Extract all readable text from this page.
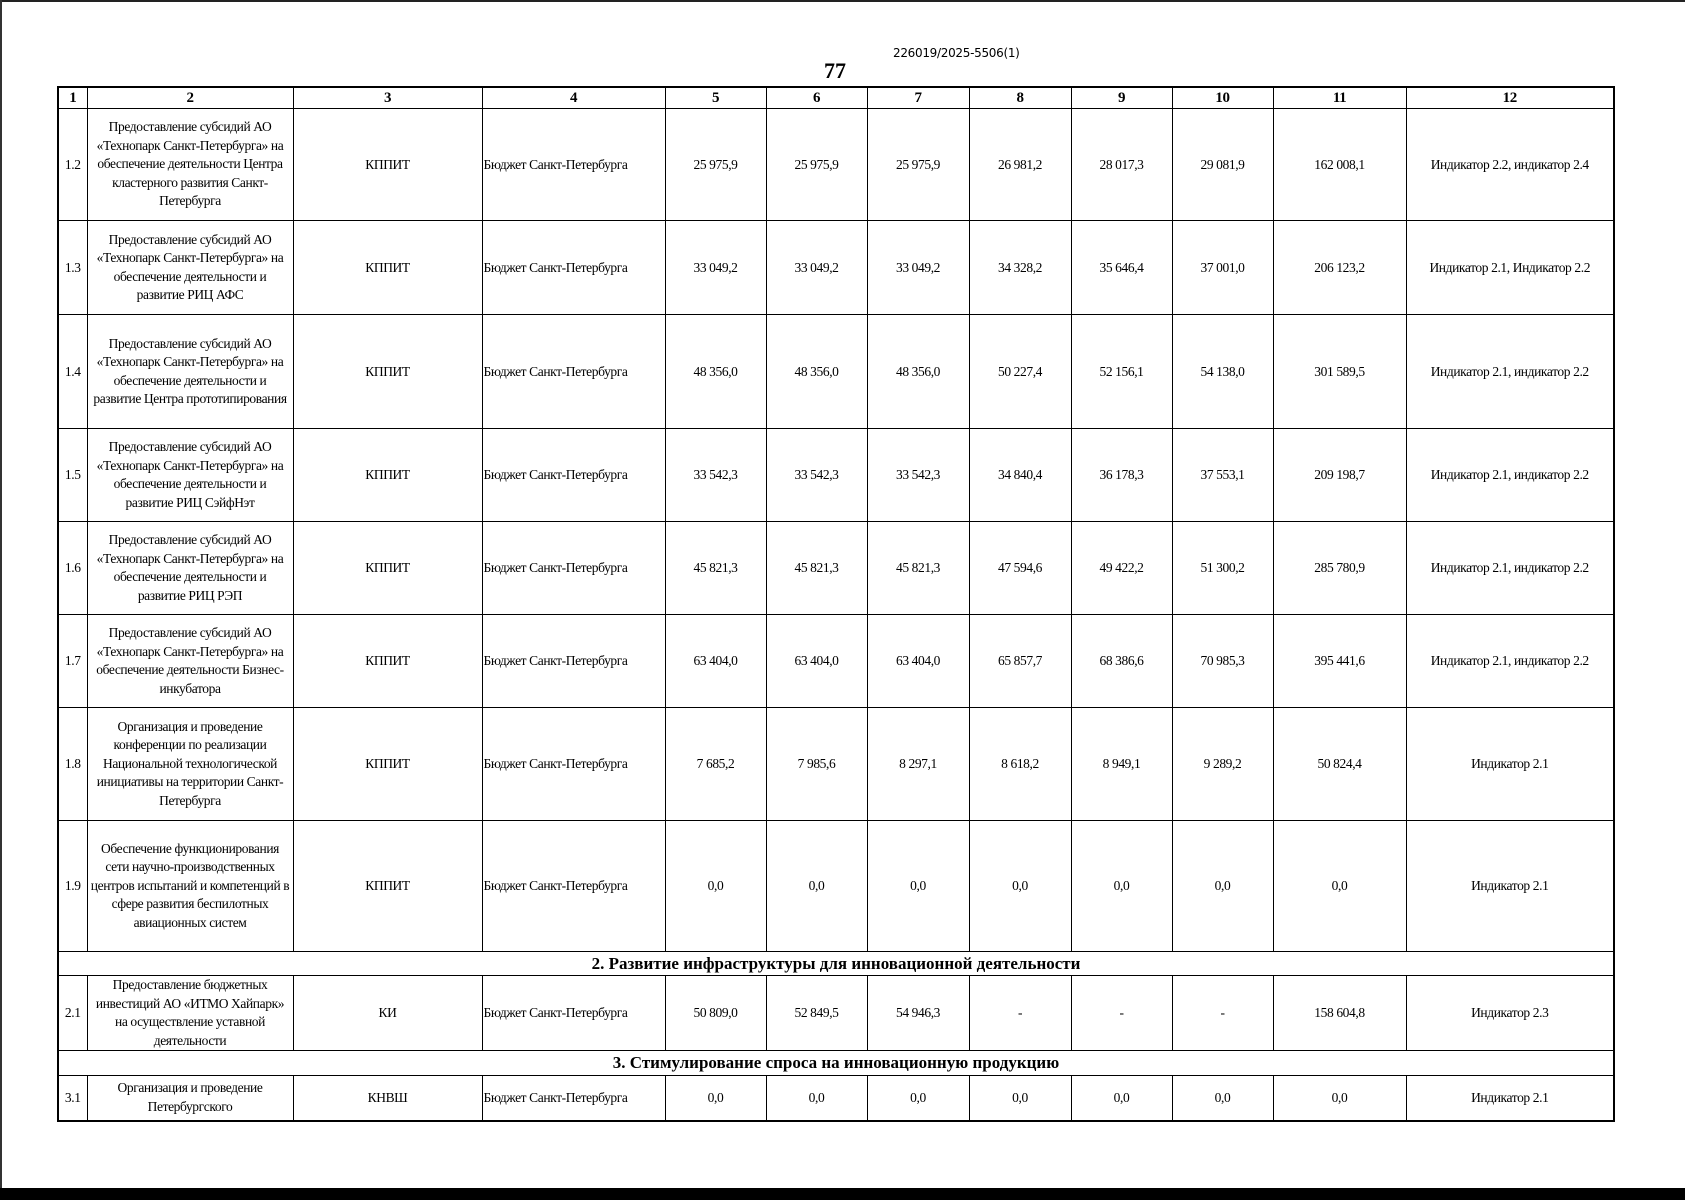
226019/2025-5506(1)
77
1	2	3	4	5	6	7	8	9	10	11	12
1.2	Предоставление субсидий АО «Технопарк Санкт-Петербурга» на обеспечение деятельности Центра кластерного развития Санкт-Петербурга	КППИТ	Бюджет Санкт-Петербурга	25 975,9	25 975,9	25 975,9	26 981,2	28 017,3	29 081,9	162 008,1	Индикатор 2.2, индикатор 2.4
1.3	Предоставление субсидий АО «Технопарк Санкт-Петербурга» на обеспечение деятельности и развитие РИЦ АФС	КППИТ	Бюджет Санкт-Петербурга	33 049,2	33 049,2	33 049,2	34 328,2	35 646,4	37 001,0	206 123,2	Индикатор 2.1, Индикатор 2.2
1.4	Предоставление субсидий АО «Технопарк Санкт-Петербурга» на обеспечение деятельности и развитие Центра прототипирования	КППИТ	Бюджет Санкт-Петербурга	48 356,0	48 356,0	48 356,0	50 227,4	52 156,1	54 138,0	301 589,5	Индикатор 2.1, индикатор 2.2
1.5	Предоставление субсидий АО «Технопарк Санкт-Петербурга» на обеспечение деятельности и развитие РИЦ СэйфНэт	КППИТ	Бюджет Санкт-Петербурга	33 542,3	33 542,3	33 542,3	34 840,4	36 178,3	37 553,1	209 198,7	Индикатор 2.1, индикатор 2.2
1.6	Предоставление субсидий АО «Технопарк Санкт-Петербурга» на обеспечение деятельности и развитие РИЦ РЭП	КППИТ	Бюджет Санкт-Петербурга	45 821,3	45 821,3	45 821,3	47 594,6	49 422,2	51 300,2	285 780,9	Индикатор 2.1, индикатор 2.2
1.7	Предоставление субсидий АО «Технопарк Санкт-Петербурга» на обеспечение деятельности Бизнес-инкубатора	КППИТ	Бюджет Санкт-Петербурга	63 404,0	63 404,0	63 404,0	65 857,7	68 386,6	70 985,3	395 441,6	Индикатор 2.1, индикатор 2.2
1.8	Организация и проведение конференции по реализации Национальной технологической инициативы на территории Санкт-Петербурга	КППИТ	Бюджет Санкт-Петербурга	7 685,2	7 985,6	8 297,1	8 618,2	8 949,1	9 289,2	50 824,4	Индикатор 2.1
1.9	Обеспечение функционирования сети научно-производственных центров испытаний и компетенций в сфере развития беспилотных авиационных систем	КППИТ	Бюджет Санкт-Петербурга	0,0	0,0	0,0	0,0	0,0	0,0	0,0	Индикатор 2.1
2. Развитие инфраструктуры для инновационной деятельности											
2.1	Предоставление бюджетных инвестиций АО «ИТМО Хайпарк» на осуществление уставной деятельности	КИ	Бюджет Санкт-Петербурга	50 809,0	52 849,5	54 946,3	-	-	-	158 604,8	Индикатор 2.3
3. Стимулирование спроса на инновационную продукцию											
3.1	Организация и проведение Петербургского	КНВШ	Бюджет Санкт-Петербурга	0,0	0,0	0,0	0,0	0,0	0,0	0,0	Индикатор 2.1
